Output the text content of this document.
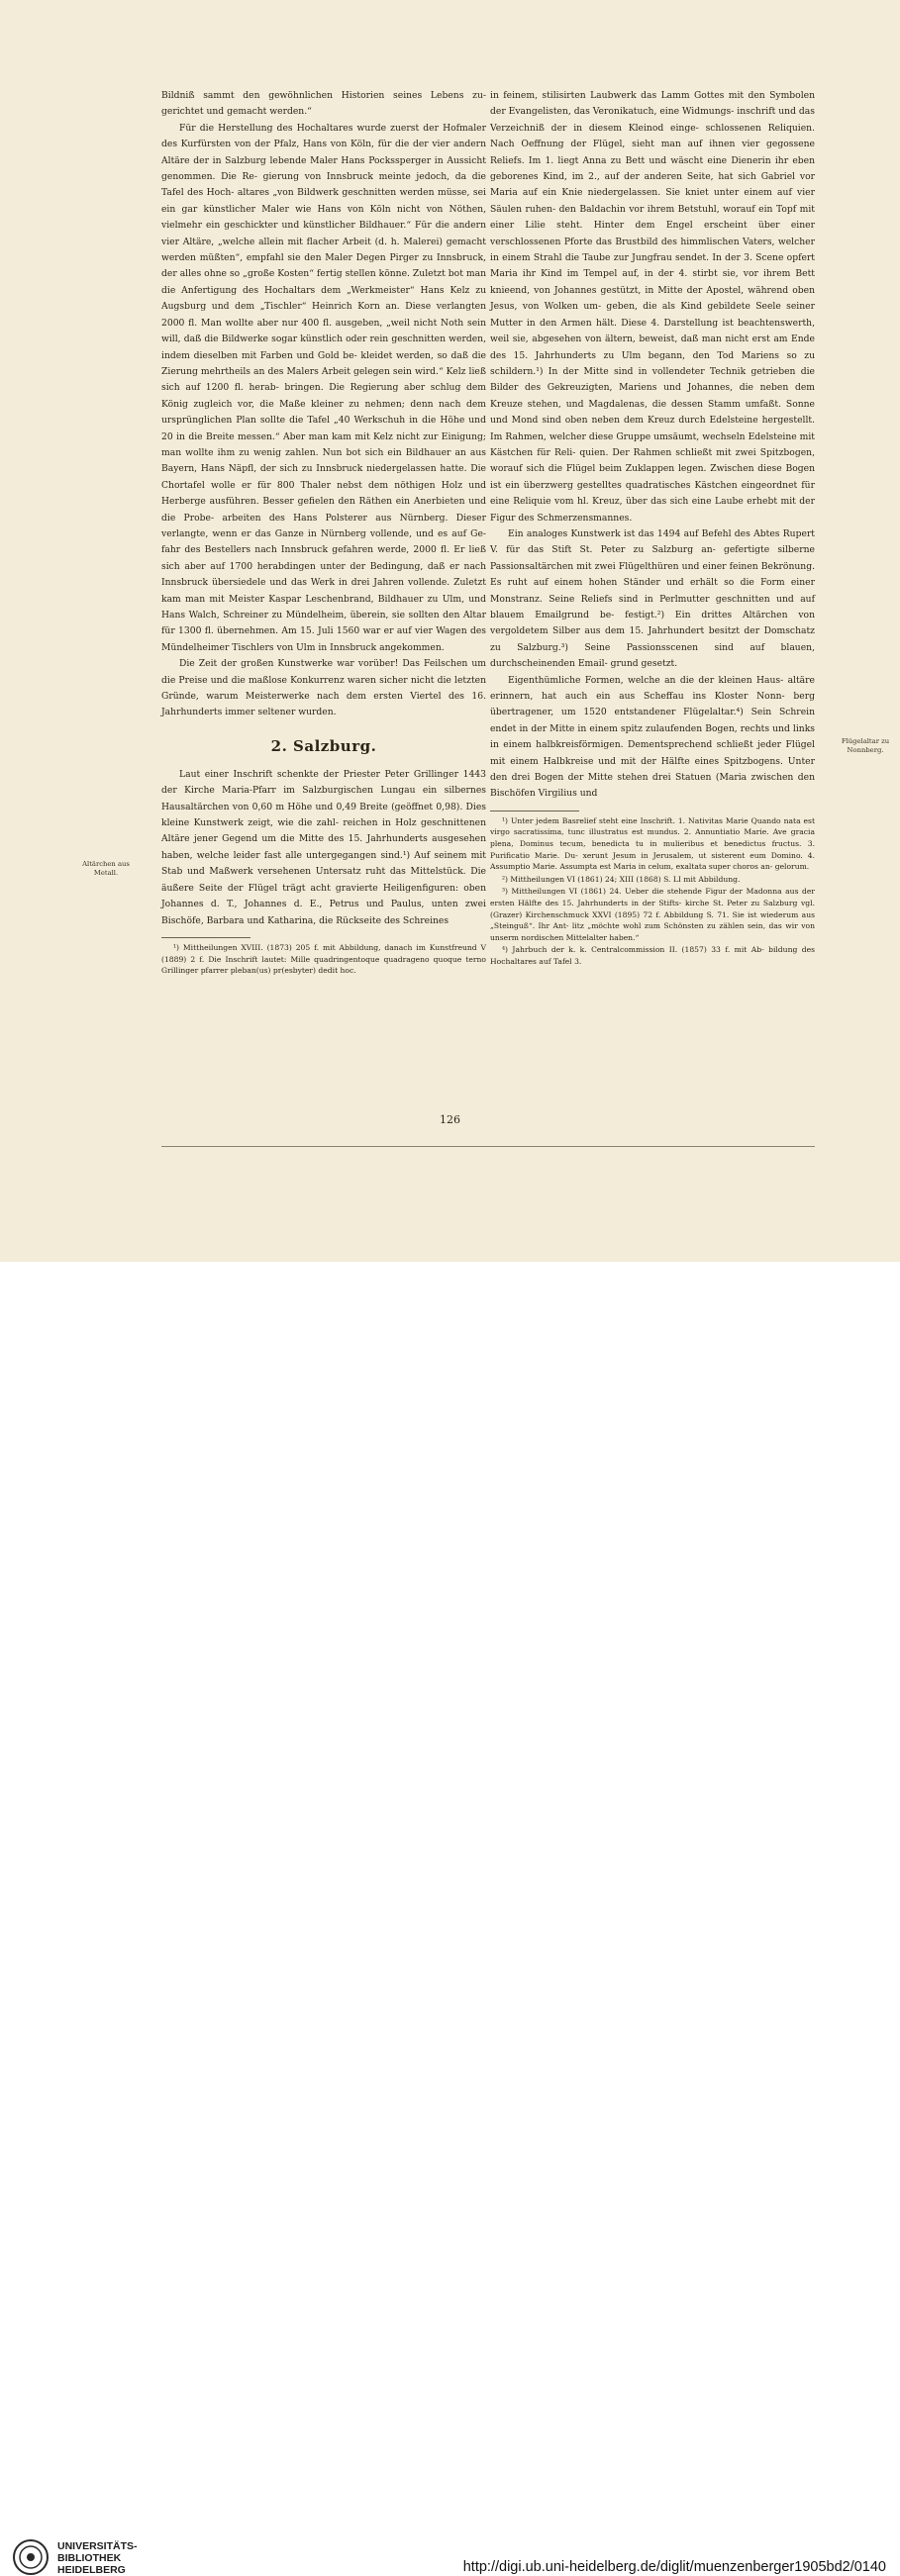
Bildniß sammt den gewöhnlichen Historien seines Lebens zu- gerichtet und gemacht werden.“

Für die Herstellung des Hochaltares wurde zuerst der Hofmaler des Kurfürsten von der Pfalz, Hans von Köln, für die der vier andern Altäre der in Salzburg lebende Maler Hans Pockssperger in Aussicht genommen. Die Re- gierung von Innsbruck meinte jedoch, da die Tafel des Hoch- altares „von Bildwerk geschnitten werden müsse, sei ein gar künstlicher Maler wie Hans von Köln nicht von Nöthen, vielmehr ein geschickter und künstlicher Bildhauer.“ Für die andern vier Altäre, „welche allein mit flacher Arbeit (d. h. Malerei) gemacht werden müßten“, empfahl sie den Maler Degen Pirger zu Innsbruck, der alles ohne so „große Kosten“ fertig stellen könne. Zuletzt bot man die Anfertigung des Hochaltars dem „Werkmeister“ Hans Kelz zu Augsburg und dem „Tischler“ Heinrich Korn an. Diese verlangten 2000 fl. Man wollte aber nur 400 fl. ausgeben, „weil nicht Noth sein will, daß die Bildwerke sogar künstlich oder rein geschnitten werden, indem dieselben mit Farben und Gold be- kleidet werden, so daß die Zierung mehrtheils an des Malers Arbeit gelegen sein wird.“ Kelz ließ sich auf 1200 fl. herab- bringen. Die Regierung aber schlug dem König zugleich vor, die Maße kleiner zu nehmen; denn nach dem ursprünglichen Plan sollte die Tafel „40 Werkschuh in die Höhe und 20 in die Breite messen.“ Aber man kam mit Kelz nicht zur Einigung; man wollte ihm zu wenig zahlen. Nun bot sich ein Bildhauer an aus Bayern, Hans Näpfl, der sich zu Innsbruck niedergelassen hatte. Die Chortafel wolle er für 800 Thaler nebst dem nöthigen Holz und Herberge ausführen. Besser gefielen den Räthen ein Anerbieten und die Probe- arbeiten des Hans Polsterer aus Nürnberg. Dieser verlangte, wenn er das Ganze in Nürnberg vollende, und es auf Ge- fahr des Bestellers nach Innsbruck gefahren werde, 2000 fl. Er ließ sich aber auf 1700 herabdingen unter der Bedingung, daß er nach Innsbruck übersiedele und das Werk in drei Jahren vollende. Zuletzt kam man mit Meister Kaspar Leschenbrand, Bildhauer zu Ulm, und Hans Walch, Schreiner zu Mündelheim, überein, sie sollten den Altar für 1300 fl. übernehmen. Am 15. Juli 1560 war er auf vier Wagen des Mündelheimer Tischlers von Ulm in Innsbruck angekommen.

Die Zeit der großen Kunstwerke war vorüber! Das Feilschen um die Preise und die maßlose Konkurrenz waren sicher nicht die letzten Gründe, warum Meisterwerke nach dem ersten Viertel des 16. Jahrhunderts immer seltener wurden.

2. Salzburg.

Laut einer Inschrift schenkte der Priester Peter Grillinger 1443 der Kirche Maria-Pfarr im Salzburgischen Lungau ein silbernes Hausaltärchen von 0,60 m Höhe und 0,49 Breite (geöffnet 0,98). Dies kleine Kunstwerk zeigt, wie die zahl- reichen in Holz geschnittenen Altäre jener Gegend um die Mitte des 15. Jahrhunderts ausgesehen haben, welche leider fast alle untergegangen sind.¹) Auf seinem mit Stab und Maßwerk versehenen Untersatz ruht das Mittelstück. Die äußere Seite der Flügel trägt acht gravierte Heiligenfiguren: oben Johannes d. T., Johannes d. E., Petrus und Paulus, unten zwei Bischöfe, Barbara und Katharina, die Rückseite des Schreines

¹) Mittheilungen XVIII. (1873) 205 f. mit Abbildung, danach im Kunstfreund V (1889) 2 f. Die Inschrift lautet: Mille quadringentoque quadrageno quoque terno Grillinger pfarrer pleban(us) pr(esbyter) dedit hoc.

in feinem, stilisirten Laubwerk das Lamm Gottes mit den Symbolen der Evangelisten, das Veronikatuch, eine Widmungs- inschrift und das Verzeichniß der in diesem Kleinod einge- schlossenen Reliquien. Nach Oeffnung der Flügel, sieht man auf ihnen vier gegossene Reliefs. Im 1. liegt Anna zu Bett und wäscht eine Dienerin ihr eben geborenes Kind, im 2., auf der anderen Seite, hat sich Gabriel vor Maria auf ein Knie niedergelassen. Sie kniet unter einem auf vier Säulen ruhen- den Baldachin vor ihrem Betstuhl, worauf ein Topf mit einer Lilie steht. Hinter dem Engel erscheint über einer verschlossenen Pforte das Brustbild des himmlischen Vaters, welcher in einem Strahl die Taube zur Jungfrau sendet. In der 3. Scene opfert Maria ihr Kind im Tempel auf, in der 4. stirbt sie, vor ihrem Bett knieend, von Johannes gestützt, in Mitte der Apostel, während oben Jesus, von Wolken um- geben, die als Kind gebildete Seele seiner Mutter in den Armen hält. Diese 4. Darstellung ist beachtenswerth, weil sie, abgesehen von ältern, beweist, daß man nicht erst am Ende des 15. Jahrhunderts zu Ulm begann, den Tod Mariens so zu schildern.¹) In der Mitte sind in vollendeter Technik getrieben die Bilder des Gekreuzigten, Mariens und Johannes, die neben dem Kreuze stehen, und Magdalenas, die dessen Stamm umfaßt. Sonne und Mond sind oben neben dem Kreuz durch Edelsteine hergestellt. Im Rahmen, welcher diese Gruppe umsäumt, wechseln Edelsteine mit Kästchen für Reli- quien. Der Rahmen schließt mit zwei Spitzbogen, worauf sich die Flügel beim Zuklappen legen. Zwischen diese Bogen ist ein überzwerg gestelltes quadratisches Kästchen eingeordnet für eine Reliquie vom hl. Kreuz, über das sich eine Laube erhebt mit der Figur des Schmerzensmannes.

Ein analoges Kunstwerk ist das 1494 auf Befehl des Abtes Rupert V. für das Stift St. Peter zu Salzburg an- gefertigte silberne Passionsaltärchen mit zwei Flügelthüren und einer feinen Bekrönung. Es ruht auf einem hohen Ständer und erhält so die Form einer Monstranz. Seine Reliefs sind in Perlmutter geschnitten und auf blauem Emailgrund be- festigt.²) Ein drittes Altärchen von vergoldetem Silber aus dem 15. Jahrhundert besitzt der Domschatz zu Salzburg.³) Seine Passionsscenen sind auf blauen, durchscheinenden Email- grund gesetzt.

Eigenthümliche Formen, welche an die der kleinen Haus- altäre erinnern, hat auch ein aus Scheffau ins Kloster Nonn- berg übertragener, um 1520 entstandener Flügelaltar.⁴) Sein Schrein endet in der Mitte in einem spitz zulaufenden Bogen, rechts und links in einem halbkreisförmigen. Dementsprechend schließt jeder Flügel mit einem Halbkreise und mit der Hälfte eines Spitzbogens. Unter den drei Bogen der Mitte stehen drei Statuen (Maria zwischen den Bischöfen Virgilius und

¹) Unter jedem Basrelief steht eine Inschrift. 1. Nativitas Marie Quando nata est virgo sacratissima, tunc illustratus est mundus. 2. Annuntiatio Marie. Ave gracia plena, Dominus tecum, benedicta tu in mulieribus et benedictus fructus. 3. Purificatio Marie. Du- xerunt Jesum in Jerusalem, ut sisterent eum Domino. 4. Assumptio Marie. Assumpta est Maria in celum, exaltata super choros an- gelorum.

²) Mittheilungen VI (1861) 24; XIII (1868) S. LI mit Abbildung.

³) Mittheilungen VI (1861) 24. Ueber die stehende Figur der Madonna aus der ersten Hälfte des 15. Jahrhunderts in der Stifts- kirche St. Peter zu Salzburg vgl. (Grazer) Kirchenschmuck XXVI (1895) 72 f. Abbildung S. 71. Sie ist wiederum aus „Steinguß“. Ihr Ant- litz „möchte wohl zum Schönsten zu zählen sein, das wir von unserm nordischen Mittelalter haben.“

⁴) Jahrbuch der k. k. Centralcommission II. (1857) 33 f. mit Ab- bildung des Hochaltares auf Tafel 3.

Altärchen aus Metall.
Flügelaltar zu Nonnberg.
126
UNIVERSITÄTS-
BIBLIOTHEK
HEIDELBERG	http://digi.ub.uni-heidelberg.de/diglit/muenzenberger1905bd2/0140
